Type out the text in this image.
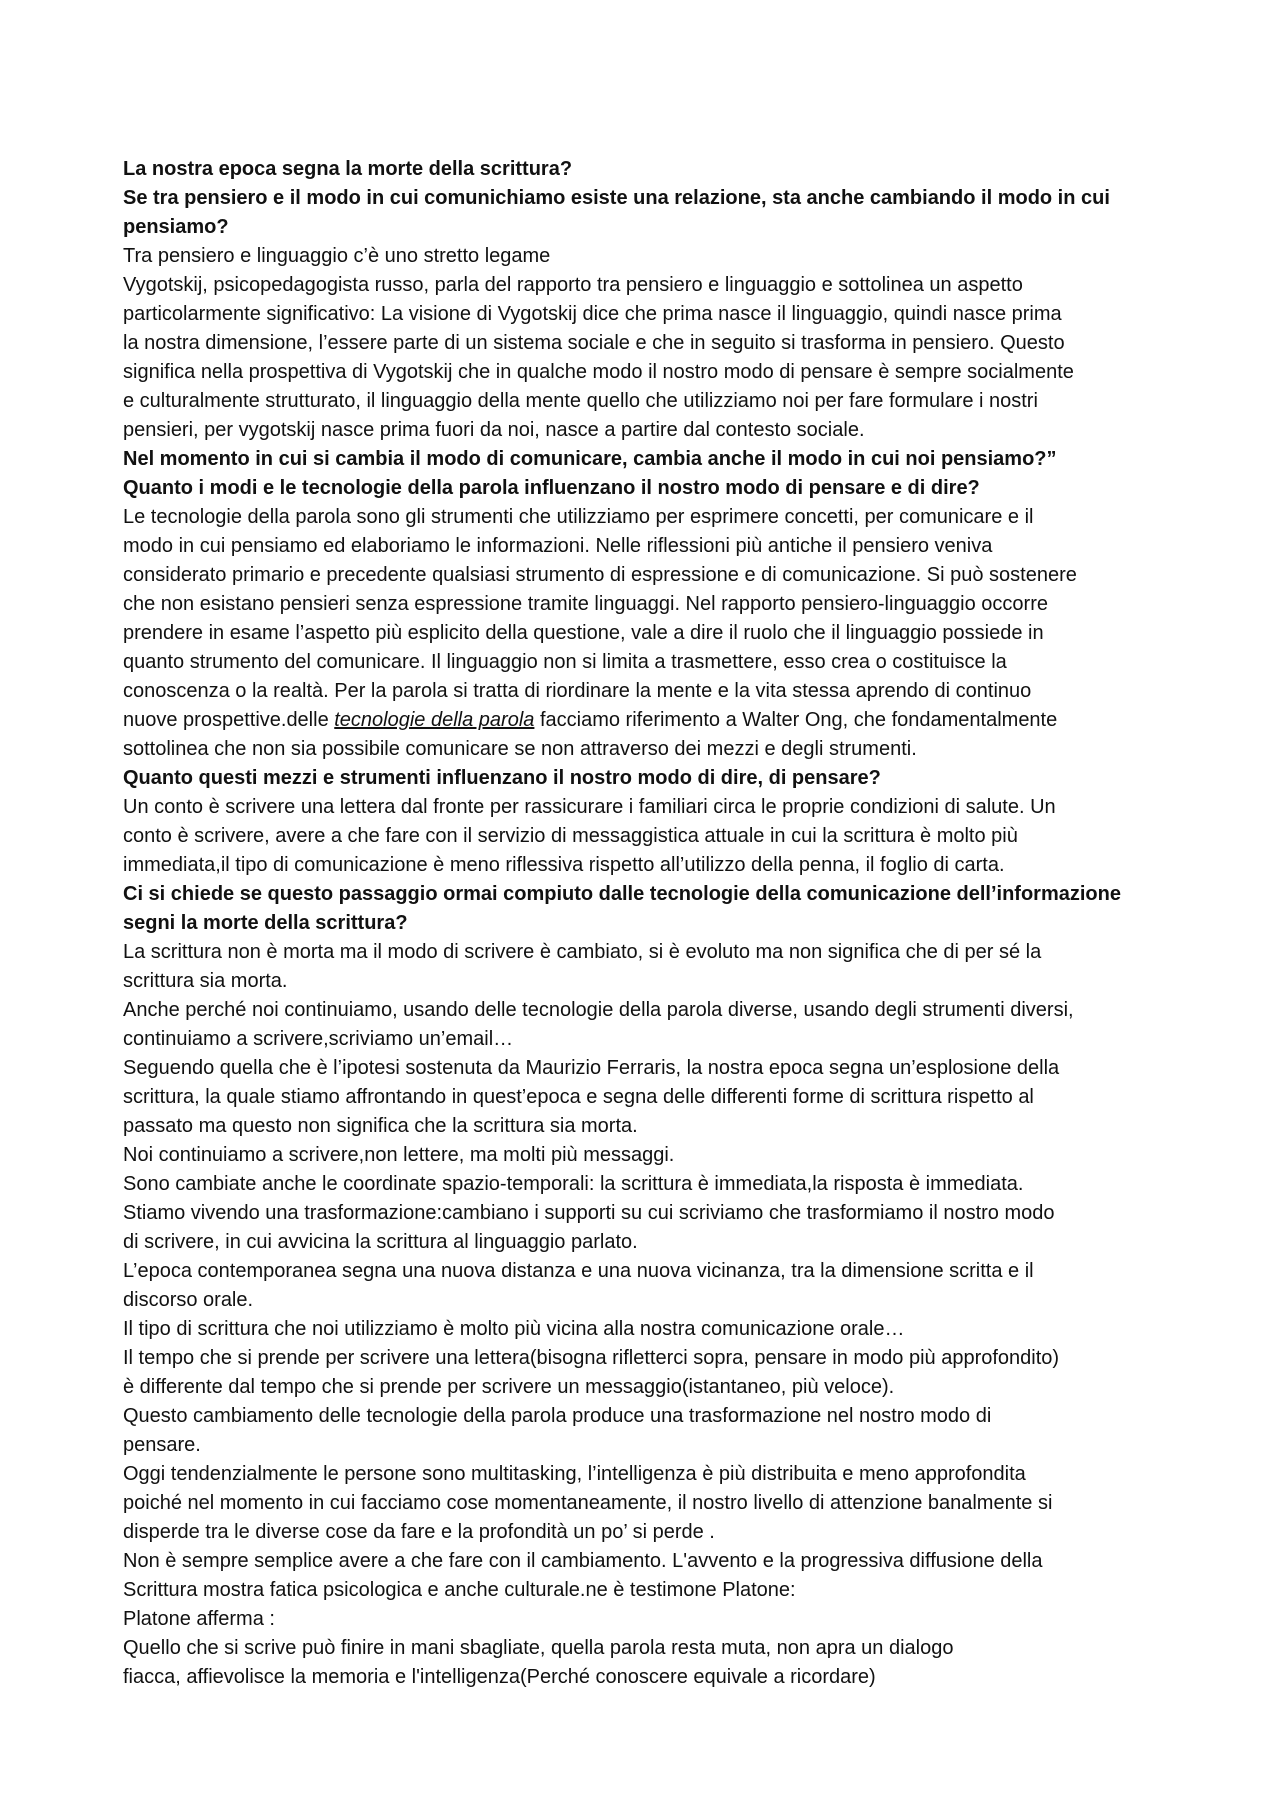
La nostra epoca segna la morte della scrittura?
Se tra pensiero e il modo in cui comunichiamo esiste una relazione, sta anche cambiando il modo in cui
pensiamo?
Tra pensiero e linguaggio c’è uno stretto legame
Vygotskij, psicopedagogista russo, parla del rapporto tra pensiero e linguaggio e sottolinea un aspetto
particolarmente significativo: La visione di Vygotskij dice che prima nasce il linguaggio, quindi nasce prima
la nostra dimensione, l’essere parte di un sistema sociale e che in seguito si trasforma in pensiero. Questo
significa nella prospettiva di Vygotskij che in qualche modo il nostro modo di pensare è sempre socialmente
e culturalmente strutturato, il linguaggio della mente quello che utilizziamo noi per fare formulare i nostri
pensieri, per vygotskij nasce prima fuori da noi, nasce a partire dal contesto sociale.
Nel momento in cui si cambia il modo di comunicare, cambia anche il modo in cui noi pensiamo?”
Quanto i modi e le tecnologie della parola influenzano il nostro modo di pensare e di dire?
Le tecnologie della parola sono gli strumenti che utilizziamo per esprimere concetti, per comunicare e il
modo in cui pensiamo ed elaboriamo le informazioni. Nelle riflessioni più antiche il pensiero veniva
considerato primario e precedente qualsiasi strumento di espressione e di comunicazione. Si può sostenere
che non esistano pensieri senza espressione tramite linguaggi. Nel rapporto pensiero-linguaggio occorre
prendere in esame l’aspetto più esplicito della questione, vale a dire il ruolo che il linguaggio possiede in
quanto strumento del comunicare. Il linguaggio non si limita a trasmettere, esso crea o costituisce la
conoscenza o la realtà. Per la parola si tratta di riordinare la mente e la vita stessa aprendo di continuo
nuove prospettive.delle tecnologie della parola facciamo riferimento a Walter Ong, che fondamentalmente
sottolinea che non sia possibile comunicare se non attraverso dei mezzi e degli strumenti.
Quanto questi mezzi e strumenti influenzano il nostro modo di dire, di pensare?
Un conto è scrivere una lettera dal fronte per rassicurare i familiari circa le proprie condizioni di salute. Un
conto è scrivere, avere a che fare con il servizio di messaggistica attuale in cui la scrittura è molto più
immediata,il tipo di comunicazione è meno riflessiva rispetto all’utilizzo della penna, il foglio di carta.
Ci si chiede se questo passaggio ormai compiuto dalle tecnologie della comunicazione dell’informazione
segni la morte della scrittura?
La scrittura non è morta ma il modo di scrivere è cambiato, si è evoluto ma non significa che di per sé la
scrittura sia morta.
Anche perché noi continuiamo, usando delle tecnologie della parola diverse, usando degli strumenti diversi,
continuiamo a scrivere,scriviamo un’email…
Seguendo quella che è l’ipotesi sostenuta da Maurizio Ferraris, la nostra epoca segna un’esplosione della
scrittura, la quale stiamo affrontando in quest’epoca e segna delle differenti forme di scrittura rispetto al
passato ma questo non significa che la scrittura sia morta.
Noi continuiamo a scrivere,non lettere, ma molti più messaggi.
Sono cambiate anche le coordinate spazio-temporali: la scrittura è immediata,la risposta è immediata.
Stiamo vivendo una trasformazione:cambiano i supporti su cui scriviamo che trasformiamo il nostro modo
di scrivere, in cui avvicina la scrittura al linguaggio parlato.
L’epoca contemporanea segna una nuova distanza e una nuova vicinanza, tra la dimensione scritta e il
discorso orale.
Il tipo di scrittura che noi utilizziamo è molto più vicina alla nostra comunicazione orale…
Il tempo che si prende per scrivere una lettera(bisogna rifletterci sopra, pensare in modo più approfondito)
è differente dal tempo che si prende per scrivere un messaggio(istantaneo, più veloce).
Questo cambiamento delle tecnologie della parola produce una trasformazione nel nostro modo di
pensare.
Oggi tendenzialmente le persone sono multitasking, l’intelligenza è più distribuita e meno approfondita
poiché nel momento in cui facciamo cose momentaneamente, il nostro livello di attenzione banalmente si
disperde tra le diverse cose da fare e la profondità un po’ si perde .
Non è sempre semplice avere a che fare con il cambiamento. L'avvento e la progressiva diffusione della
Scrittura mostra fatica psicologica e anche culturale.ne è testimone Platone:
Platone afferma :
Quello che si scrive può finire in mani sbagliate, quella parola resta muta, non apra un dialogo
fiacca, affievolisce la memoria e l'intelligenza(Perché conoscere equivale a ricordare)
